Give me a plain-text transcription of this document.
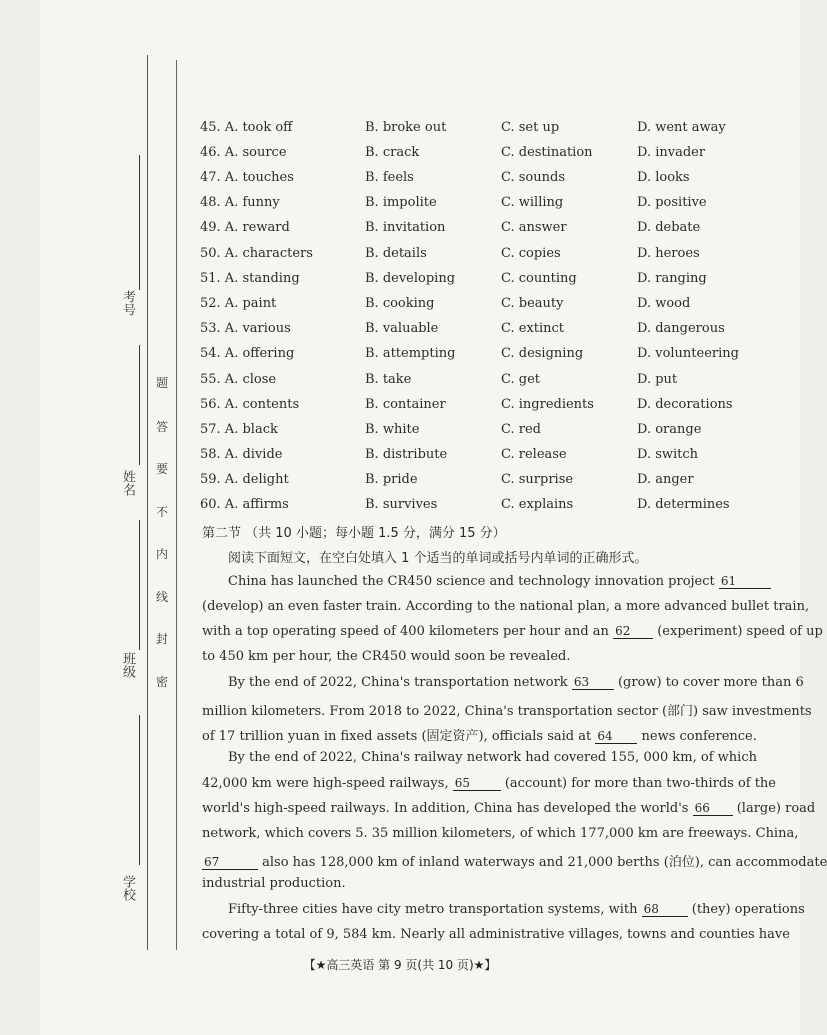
考号
姓名
班级
学校
密
封
线
内
不
要
答
题
45. A. took off	B. broke out	C. set up	D. went away
46. A. source	B. crack	C. destination	D. invader
47. A. touches	B. feels	C. sounds	D. looks
48. A. funny	B. impolite	C. willing	D. positive
49. A. reward	B. invitation	C. answer	D. debate
50. A. characters	B. details	C. copies	D. heroes
51. A. standing	B. developing	C. counting	D. ranging
52. A. paint	B. cooking	C. beauty	D. wood
53. A. various	B. valuable	C. extinct	D. dangerous
54. A. offering	B. attempting	C. designing	D. volunteering
55. A. close	B. take	C. get	D. put
56. A. contents	B. container	C. ingredients	D. decorations
57. A. black	B. white	C. red	D. orange
58. A. divide	B. distribute	C. release	D. switch
59. A. delight	B. pride	C. surprise	D. anger
60. A. affirms	B. survives	C. explains	D. determines
第二节 （共 10 小题；每小题 1.5 分，满分 15 分）
阅读下面短文，在空白处填入 1 个适当的单词或括号内单词的正确形式。
China has launched the CR450 science and technology innovation project 61
(develop) an even faster train. According to the national plan, a more advanced bullet train,
with a top operating speed of 400 kilometers per hour and an 62 (experiment) speed of up
to 450 km per hour, the CR450 would soon be revealed.
By the end of 2022, China's transportation network 63 (grow) to cover more than 6
million kilometers. From 2018 to 2022, China's transportation sector (部门) saw investments
of 17 trillion yuan in fixed assets (固定资产), officials said at 64 news conference.
By the end of 2022, China's railway network had covered 155, 000 km, of which
42,000 km were high-speed railways, 65	(account) for more than two-thirds of the
world's high-speed railways. In addition, China has developed the world's 66 (large) road
network, which covers 5. 35 million kilometers, of which 177,000 km are freeways. China,
67	also has 128,000 km of inland waterways and 21,000 berths (泊位), can accommodate
industrial production.
Fifty-three cities have city metro transportation systems, with 68	(they) operations
covering a total of 9, 584 km. Nearly all administrative villages, towns and counties have
【★高三英语 第 9 页(共 10 页)★】
